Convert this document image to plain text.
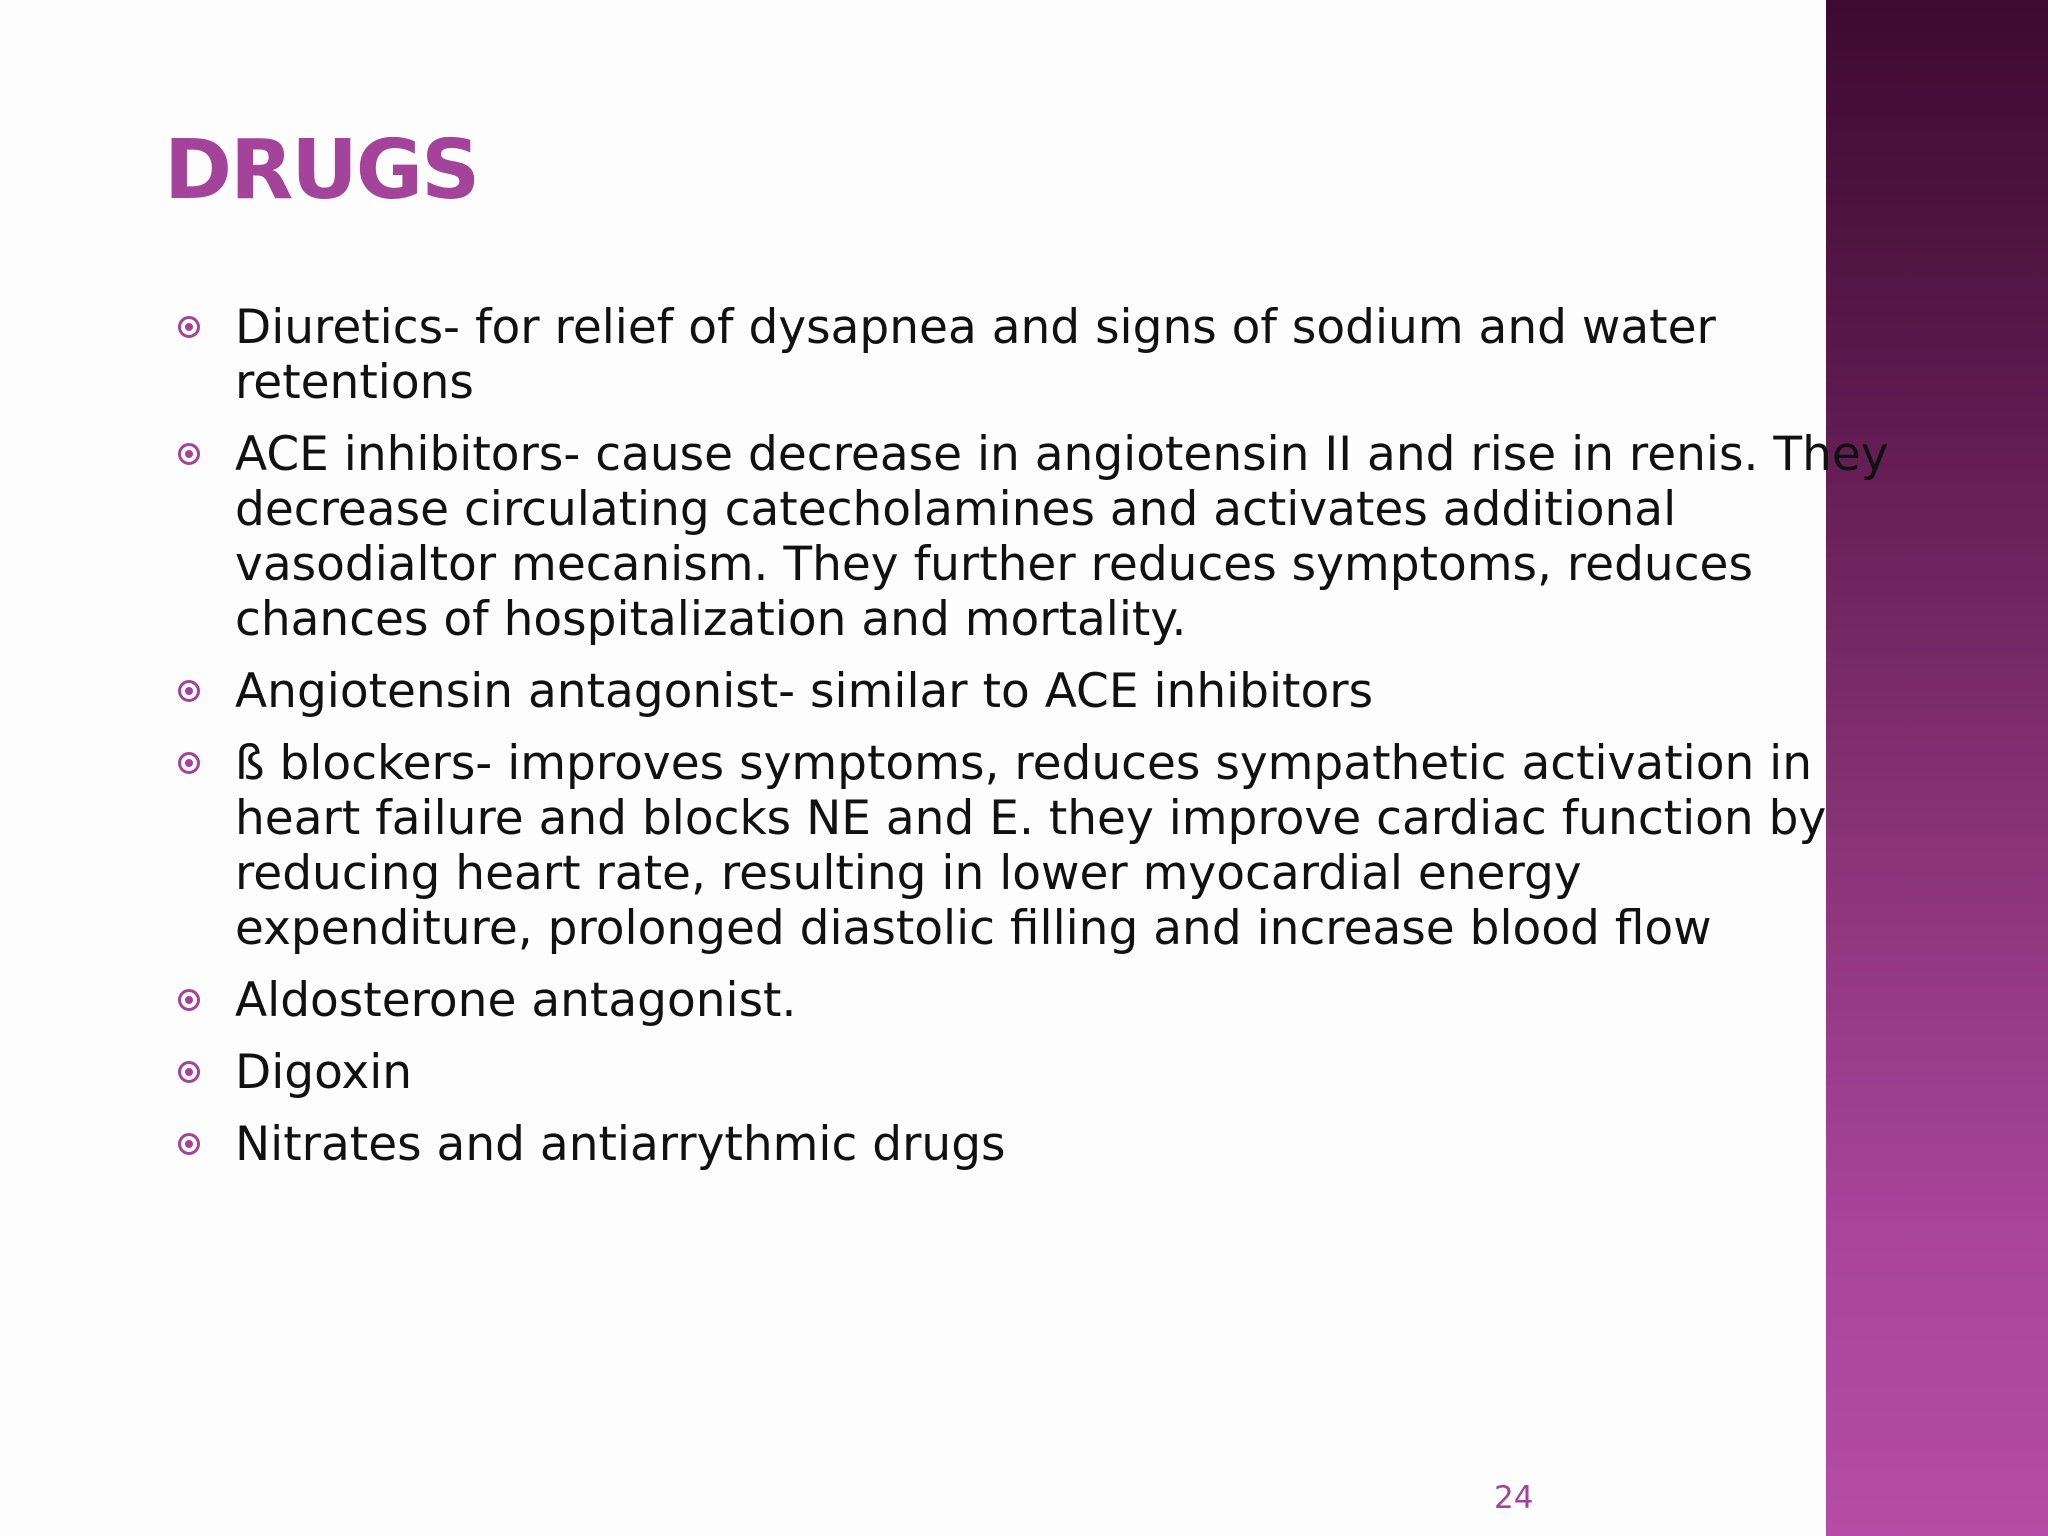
DRUGS
Diuretics- for relief of dysapnea and signs of sodium and water retentions
ACE inhibitors- cause decrease in angiotensin II and rise in renis. They decrease circulating catecholamines and activates additional vasodialtor mecanism. They further reduces symptoms, reduces chances of hospitalization and mortality.
Angiotensin antagonist- similar to ACE inhibitors
ß blockers- improves symptoms, reduces sympathetic activation in heart failure and blocks NE and E. they improve cardiac function by reducing heart rate, resulting in lower myocardial energy expenditure, prolonged diastolic filling and increase blood flow
Aldosterone antagonist.
Digoxin
Nitrates and antiarrythmic drugs
24
